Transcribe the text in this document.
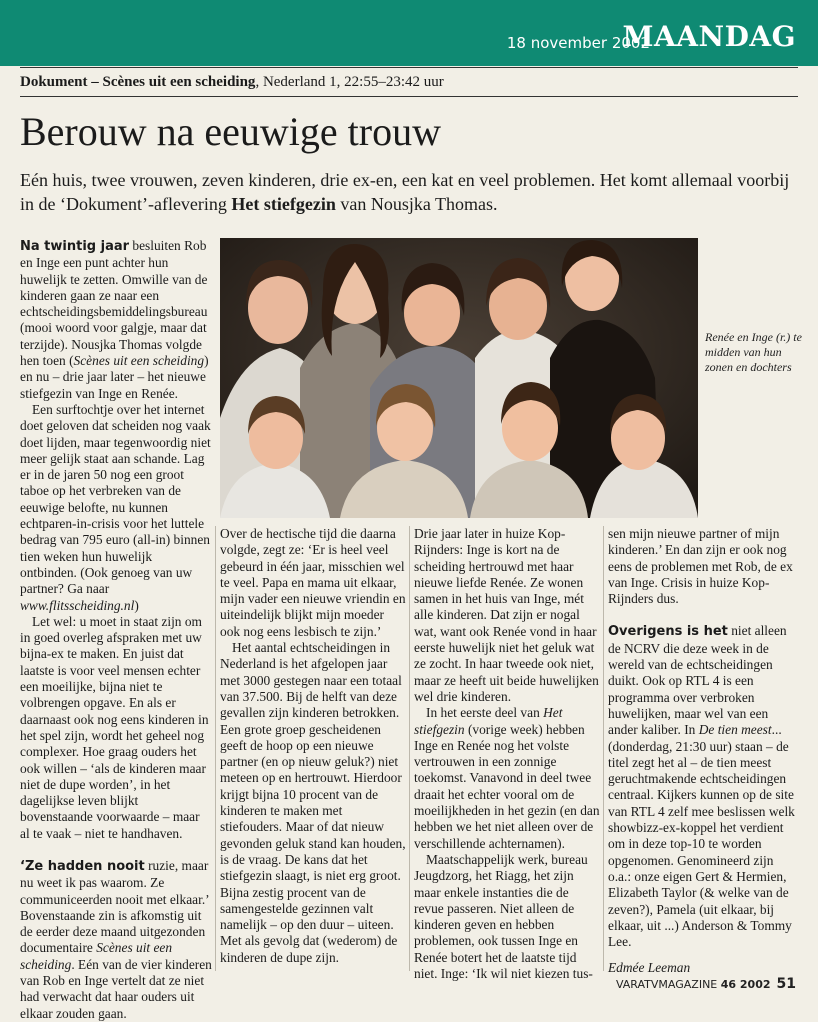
18 november 2002
MAANDAG
Dokument – Scènes uit een scheiding, Nederland 1, 22:55–23:42 uur
Berouw na eeuwige trouw
Eén huis, twee vrouwen, zeven kinderen, drie ex-en, een kat en veel problemen. Het komt allemaal voorbij in de ‘Dokument’-aflevering Het stiefgezin van Nousjka Thomas.
Renée en Inge (r.) te midden van hun zonen en dochters

Na twintig jaar besluiten Rob en Inge een punt achter hun huwelijk te zetten. Omwille van de kinderen gaan ze naar een echtscheidingsbemiddelingsbureau (mooi woord voor galgje, maar dat terzijde). Nousjka Thomas volgde hen toen (Scènes uit een scheiding) en nu – drie jaar later – het nieuwe stiefgezin van Inge en Renée.

Een surftochtje over het internet doet geloven dat scheiden nog vaak doet lijden, maar tegenwoordig niet meer gelijk staat aan schande. Lag er in de jaren 50 nog een groot taboe op het verbreken van de eeuwige belofte, nu kunnen echtparen-in-crisis voor het luttele bedrag van 795 euro (all-in) binnen tien weken hun huwelijk ontbinden. (Ook genoeg van uw partner? Ga naar www.flitsscheiding.nl)

Let wel: u moet in staat zijn om in goed overleg afspraken met uw bijna-ex te maken. En juist dat laatste is voor veel mensen echter een moeilijke, bijna niet te volbrengen opgave. En als er daarnaast ook nog eens kinderen in het spel zijn, wordt het geheel nog complexer. Hoe graag ouders het ook willen – ‘als de kinderen maar niet de dupe worden’, in het dagelijkse leven blijkt bovenstaande voorwaarde – maar al te vaak – niet te handhaven.

‘Ze hadden nooit ruzie, maar nu weet ik pas waarom. Ze communiceerden nooit met elkaar.’ Bovenstaande zin is afkomstig uit de eerder deze maand uitgezonden documentaire Scènes uit een scheiding. Eén van de vier kinderen van Rob en Inge vertelt dat ze niet had verwacht dat haar ouders uit elkaar zouden gaan.

Over de hectische tijd die daarna volgde, zegt ze: ‘Er is heel veel gebeurd in één jaar, misschien wel te veel. Papa en mama uit elkaar, mijn vader een nieuwe vriendin en uiteindelijk blijkt mijn moeder ook nog eens lesbisch te zijn.’

Het aantal echtscheidingen in Nederland is het afgelopen jaar met 3000 gestegen naar een totaal van 37.500. Bij de helft van deze gevallen zijn kinderen betrokken. Een grote groep gescheidenen geeft de hoop op een nieuwe partner (en op nieuw geluk?) niet meteen op en hertrouwt. Hierdoor krijgt bijna 10 procent van de kinderen te maken met stiefouders. Maar of dat nieuw gevonden geluk stand kan houden, is de vraag. De kans dat het stiefgezin slaagt, is niet erg groot. Bijna zestig procent van de samengestelde gezinnen valt namelijk – op den duur – uiteen. Met als gevolg dat (wederom) de kinderen de dupe zijn.

Drie jaar later in huize Kop-Rijnders: Inge is kort na de scheiding hertrouwd met haar nieuwe liefde Renée. Ze wonen samen in het huis van Inge, mét alle kinderen. Dat zijn er nogal wat, want ook Renée vond in haar eerste huwelijk niet het geluk wat ze zocht. In haar tweede ook niet, maar ze heeft uit beide huwelijken wel drie kinderen.

In het eerste deel van Het stiefgezin (vorige week) hebben Inge en Renée nog het volste vertrouwen in een zonnige toekomst. Vanavond in deel twee draait het echter vooral om de moeilijkheden in het gezin (en dan hebben we het niet alleen over de verschillende achternamen).

Maatschappelijk werk, bureau Jeugdzorg, het Riagg, het zijn maar enkele instanties die de revue passeren. Niet alleen de kinderen geven en hebben problemen, ook tussen Inge en Renée botert het de laatste tijd niet. Inge: ‘Ik wil niet kiezen tus-

sen mijn nieuwe partner of mijn kinderen.’ En dan zijn er ook nog eens de problemen met Rob, de ex van Inge. Crisis in huize Kop-Rijnders dus.

Overigens is het niet alleen de NCRV die deze week in de wereld van de echtscheidingen duikt. Ook op RTL 4 is een programma over verbroken huwelijken, maar wel van een ander kaliber. In De tien meest... (donderdag, 21:30 uur) staan – de titel zegt het al – de tien meest geruchtmakende echtscheidingen centraal. Kijkers kunnen op de site van RTL 4 zelf mee beslissen welk showbizz-ex-koppel het verdient om in deze top-10 te worden opgenomen. Genomineerd zijn o.a.: onze eigen Gert & Hermien, Elizabeth Taylor (& welke van de zeven?), Pamela (uit elkaar, bij elkaar, uit ...) Anderson & Tommy Lee.

Edmée Leeman

VARATVMAGAZINE 46 2002 51
